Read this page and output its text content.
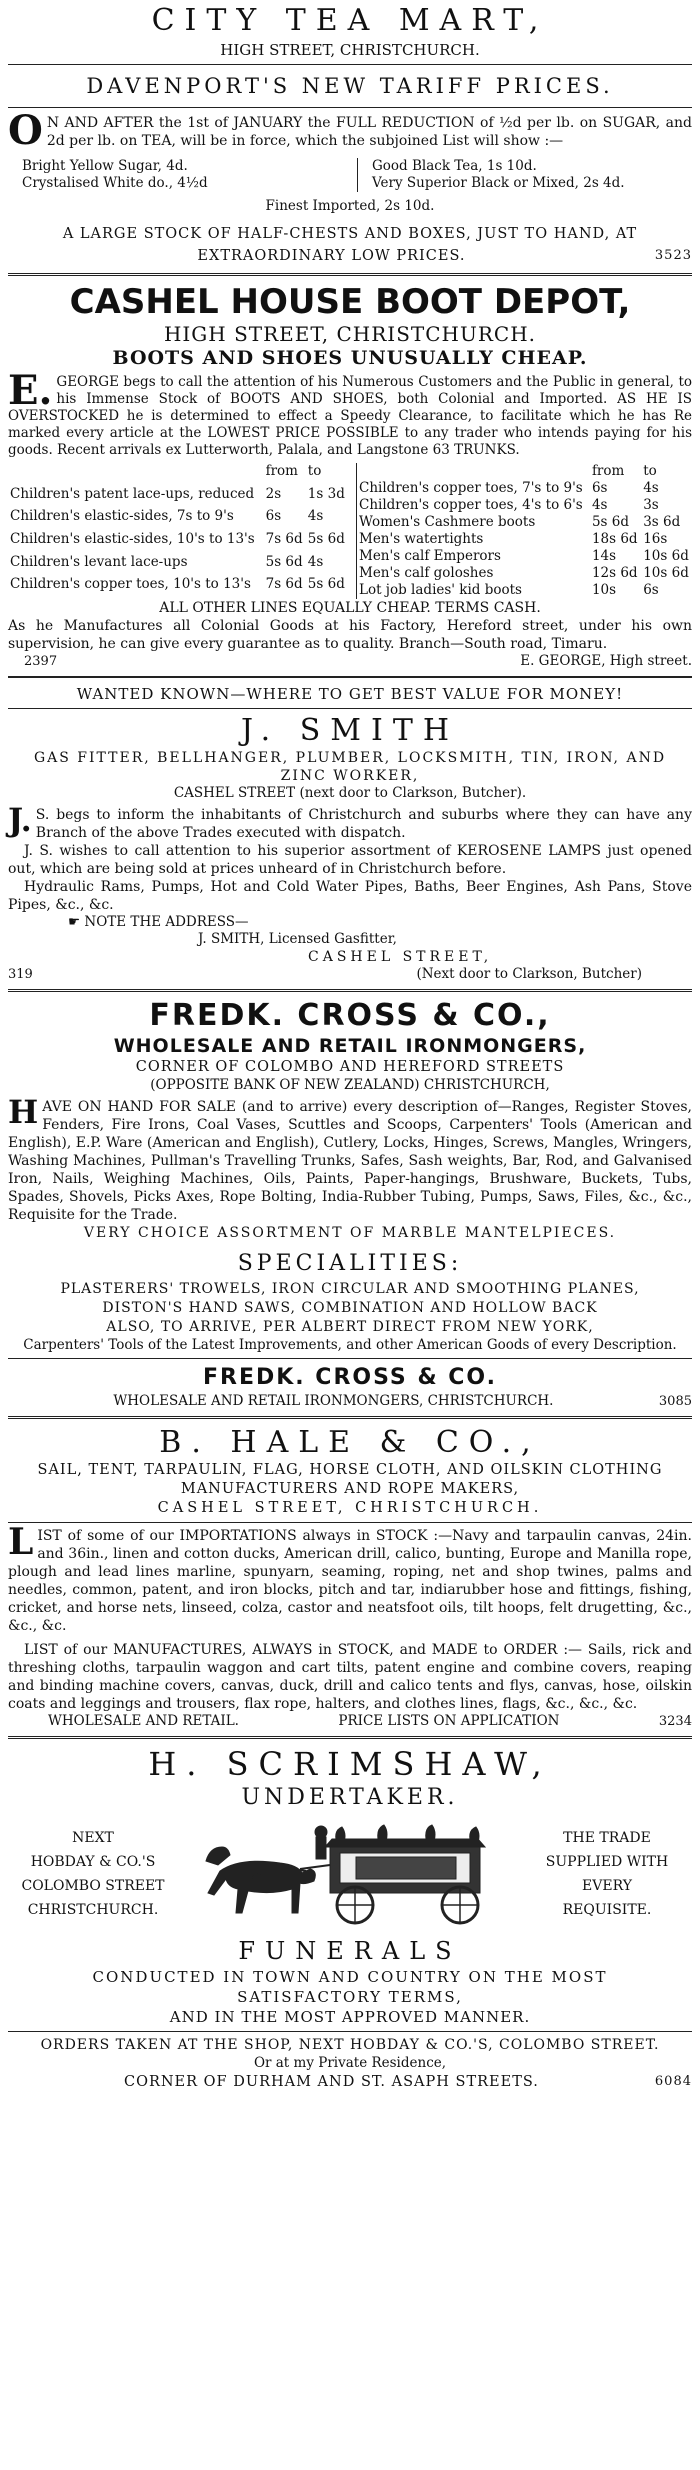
CITY TEA MART,
HIGH STREET, CHRISTCHURCH.
DAVENPORT'S NEW TARIFF PRICES.
O N AND AFTER the 1st of JANUARY the FULL REDUCTION of ½d per lb. on SUGAR, and 2d per lb. on TEA, will be in force, which the subjoined List will show :—
Bright Yellow Sugar, 4d.
Crystalised White do., 4½d
Good Black Tea, 1s 10d.
Very Superior Black or Mixed, 2s 4d.
Finest Imported, 2s 10d.
A LARGE STOCK OF HALF-CHESTS AND BOXES, JUST TO HAND, AT
EXTRAORDINARY LOW PRICES.	3523
CASHEL HOUSE BOOT DEPOT,
HIGH STREET, CHRISTCHURCH.
BOOTS AND SHOES UNUSUALLY CHEAP.
E. GEORGE begs to call the attention of his Numerous Customers and the Public in general, to his Immense Stock of BOOTS AND SHOES, both Colonial and Imported. AS HE IS OVERSTOCKED he is determined to effect a Speedy Clearance, to facilitate which he has Re marked every article at the LOWEST PRICE POSSIBLE to any trader who intends paying for his goods. Recent arrivals ex Lutterworth, Palala, and Langstone 63 TRUNKS.
	from	to
Children's patent lace-ups, reduced	2s	1s 3d
Children's elastic-sides, 7s to 9's	6s	4s
Children's elastic-sides, 10's to 13's	7s 6d	5s 6d
Children's levant lace-ups	5s 6d	4s
Children's copper toes, 10's to 13's	7s 6d	5s 6d
	from	to
Children's copper toes, 7's to 9's	6s	4s
Children's copper toes, 4's to 6's	4s	3s
Women's Cashmere boots	5s 6d	3s 6d
Men's watertights	18s 6d	16s
Men's calf Emperors	14s	10s 6d
Men's calf goloshes	12s 6d	10s 6d
Lot job ladies' kid boots	10s	6s
ALL OTHER LINES EQUALLY CHEAP. TERMS CASH.
As he Manufactures all Colonial Goods at his Factory, Hereford street, under his own supervision, he can give every guarantee as to quality. Branch—South road, Timaru.
2397	E. GEORGE, High street.
WANTED KNOWN—WHERE TO GET BEST VALUE FOR MONEY!
J. SMITH
GAS FITTER, BELLHANGER, PLUMBER, LOCKSMITH, TIN, IRON, AND ZINC WORKER,
CASHEL STREET (next door to Clarkson, Butcher).
J. S. begs to inform the inhabitants of Christchurch and suburbs where they can have any Branch of the above Trades executed with dispatch.
J. S. wishes to call attention to his superior assortment of KEROSENE LAMPS just opened out, which are being sold at prices unheard of in Christchurch before.
Hydraulic Rams, Pumps, Hot and Cold Water Pipes, Baths, Beer Engines, Ash Pans, Stove Pipes, &c., &c.
☛ NOTE THE ADDRESS—
J. SMITH, Licensed Gasfitter,
CASHEL STREET,
319	(Next door to Clarkson, Butcher)
FREDK. CROSS & CO.,
WHOLESALE AND RETAIL IRONMONGERS,
CORNER OF COLOMBO AND HEREFORD STREETS
(OPPOSITE BANK OF NEW ZEALAND) CHRISTCHURCH,
HAVE ON HAND FOR SALE (and to arrive) every description of—Ranges, Register Stoves, Fenders, Fire Irons, Coal Vases, Scuttles and Scoops, Carpenters' Tools (American and English), E.P. Ware (American and English), Cutlery, Locks, Hinges, Screws, Mangles, Wringers, Washing Machines, Pullman's Travelling Trunks, Safes, Sash weights, Bar, Rod, and Galvanised Iron, Nails, Weighing Machines, Oils, Paints, Paper-hangings, Brushware, Buckets, Tubs, Spades, Shovels, Picks Axes, Rope Bolting, India-Rubber Tubing, Pumps, Saws, Files, &c., &c., Requisite for the Trade.
VERY CHOICE ASSORTMENT OF MARBLE MANTELPIECES.
SPECIALITIES:
PLASTERERS' TROWELS, IRON CIRCULAR AND SMOOTHING PLANES,
DISTON'S HAND SAWS, COMBINATION AND HOLLOW BACK
ALSO, TO ARRIVE, PER ALBERT DIRECT FROM NEW YORK,
Carpenters' Tools of the Latest Improvements, and other American Goods of every Description.
FREDK. CROSS & CO.
WHOLESALE AND RETAIL IRONMONGERS, CHRISTCHURCH.	3085
B. HALE & CO.,
SAIL, TENT, TARPAULIN, FLAG, HORSE CLOTH, AND OILSKIN CLOTHING
MANUFACTURERS AND ROPE MAKERS,
CASHEL STREET, CHRISTCHURCH.
LIST of some of our IMPORTATIONS always in STOCK :—Navy and tarpaulin canvas, 24in. and 36in., linen and cotton ducks, American drill, calico, bunting, Europe and Manilla rope, plough and lead lines marline, spunyarn, seaming, roping, net and shop twines, palms and needles, common, patent, and iron blocks, pitch and tar, indiarubber hose and fittings, fishing, cricket, and horse nets, linseed, colza, castor and neatsfoot oils, tilt hoops, felt drugetting, &c., &c., &c.
LIST of our MANUFACTURES, ALWAYS in STOCK, and MADE to ORDER :— Sails, rick and threshing cloths, tarpaulin waggon and cart tilts, patent engine and combine covers, reaping and binding machine covers, canvas, duck, drill and calico tents and flys, canvas, hose, oilskin coats and leggings and trousers, flax rope, halters, and clothes lines, flags, &c., &c., &c.
WHOLESALE AND RETAIL.	PRICE LISTS ON APPLICATION	3234
H. SCRIMSHAW,
UNDERTAKER.
NEXT
HOBDAY & CO.'S
COLOMBO STREET
CHRISTCHURCH.
THE TRADE
SUPPLIED WITH
EVERY
REQUISITE.
FUNERALS
CONDUCTED IN TOWN AND COUNTRY ON THE MOST
SATISFACTORY TERMS,
AND IN THE MOST APPROVED MANNER.
ORDERS TAKEN AT THE SHOP, NEXT HOBDAY & CO.'S, COLOMBO STREET.
Or at my Private Residence,
CORNER OF DURHAM AND ST. ASAPH STREETS.	6084
